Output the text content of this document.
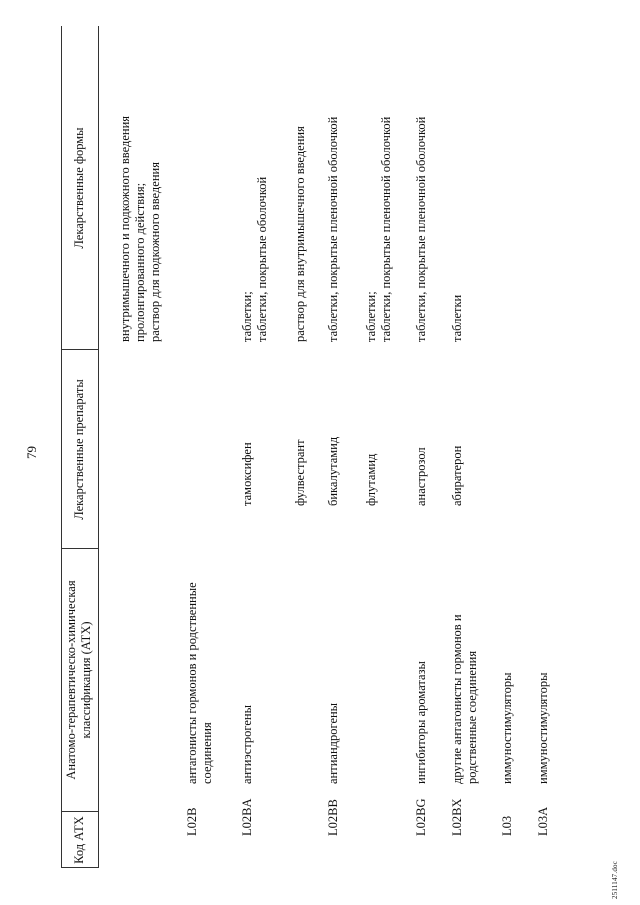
79
Код АТХ
Анатомо-терапевтическо-химическая классификация (АТХ)
Лекарственные препараты
Лекарственные формы	внутримышечного и подкожного введения пролонгированного действия; раствор для подкожного введения
L02B
антагонисты гормонов и родственные соединения
L02BA
антиэстрогены
тамоксифен
таблетки; таблетки, покрытые оболочкой
фулвестрант
раствор для внутримышечного введения
L02BB
антиандрогены
бикалутамид
таблетки, покрытые пленочной оболочкой
флутамид
таблетки; таблетки, покрытые пленочной оболочкой
L02BG
ингибиторы ароматазы
анастрозол
таблетки, покрытые пленочной оболочкой
L02BX
другие антагонисты гормонов и родственные соединения
абиратерон
таблетки
L03
иммуностимуляторы
L03A
иммуностимуляторы
2511147.doc
